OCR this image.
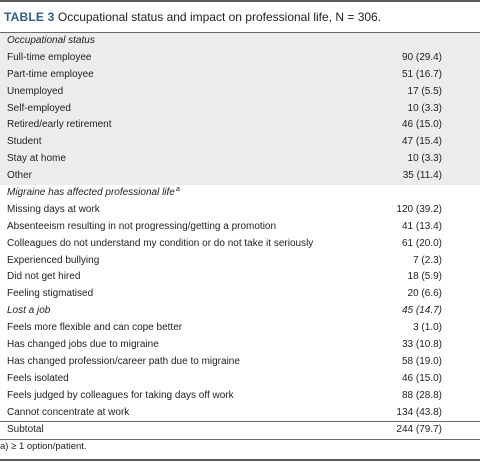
TABLE 3 Occupational status and impact on professional life, N = 306.
Occupational status
Full-time employee	90 (29.4)
Part-time employee	51 (16.7)
Unemployed	17 (5.5)
Self-employed	10 (3.3)
Retired/early retirement	46 (15.0)
Student	47 (15.4)
Stay at home	10 (3.3)
Other	35 (11.4)
Migraine has affected professional life a
Missing days at work	120 (39.2)
Absenteeism resulting in not progressing/getting a promotion	41 (13.4)
Colleagues do not understand my condition or do not take it seriously	61 (20.0)
Experienced bullying	7 (2.3)
Did not get hired	18 (5.9)
Feeling stigmatised	20 (6.6)
Lost a job	45 (14.7)
Feels more flexible and can cope better	3 (1.0)
Has changed jobs due to migraine	33 (10.8)
Has changed profession/career path due to migraine	58 (19.0)
Feels isolated	46 (15.0)
Feels judged by colleagues for taking days off work	88 (28.8)
Cannot concentrate at work	134 (43.8)
Subtotal	244 (79.7)
a) ≥ 1 option/patient.
